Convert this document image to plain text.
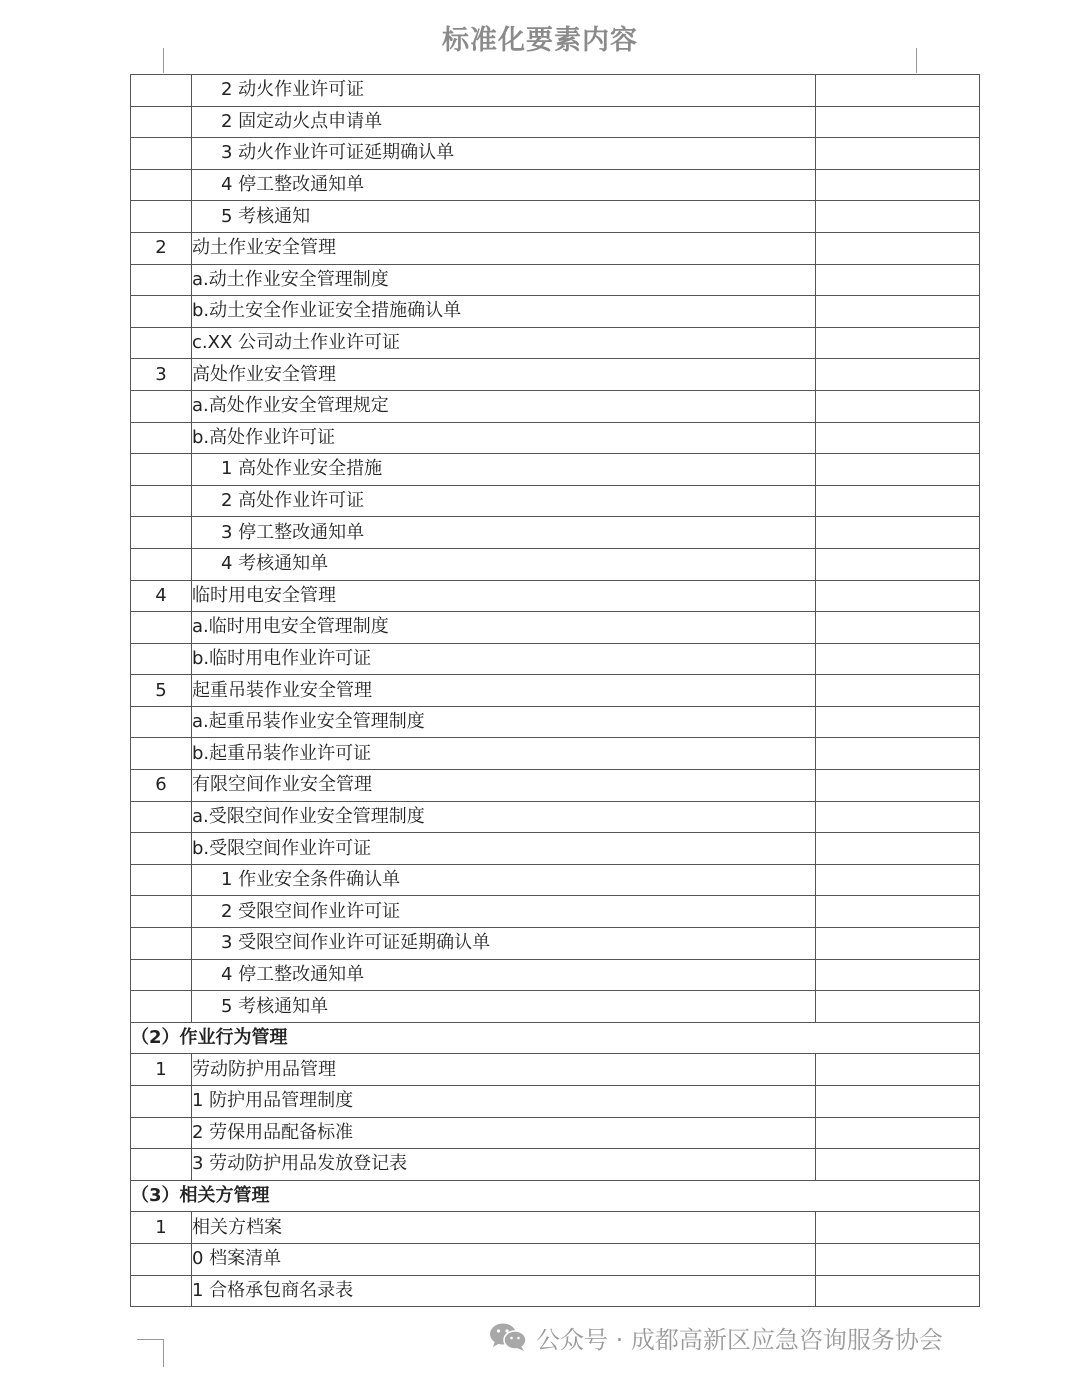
标准化要素内容
	2 动火作业许可证	
	2 固定动火点申请单	
	3 动火作业许可证延期确认单	
	4 停工整改通知单	
	5 考核通知	
2	动土作业安全管理	
	a.动土作业安全管理制度	
	b.动土安全作业证安全措施确认单	
	c.XX 公司动土作业许可证	
3	高处作业安全管理	
	a.高处作业安全管理规定	
	b.高处作业许可证	
	1 高处作业安全措施	
	2 高处作业许可证	
	3 停工整改通知单	
	4 考核通知单	
4	临时用电安全管理	
	a.临时用电安全管理制度	
	b.临时用电作业许可证	
5	起重吊装作业安全管理	
	a.起重吊装作业安全管理制度	
	b.起重吊装作业许可证	
6	有限空间作业安全管理	
	a.受限空间作业安全管理制度	
	b.受限空间作业许可证	
	1 作业安全条件确认单	
	2 受限空间作业许可证	
	3 受限空间作业许可证延期确认单	
	4 停工整改通知单	
	5 考核通知单	
（2）作业行为管理		
1	劳动防护用品管理	
	1 防护用品管理制度	
	2 劳保用品配备标准	
	3 劳动防护用品发放登记表	
（3）相关方管理		
1	相关方档案	
	0 档案清单	
	1 合格承包商名录表	
公众号 · 成都高新区应急咨询服务协会
